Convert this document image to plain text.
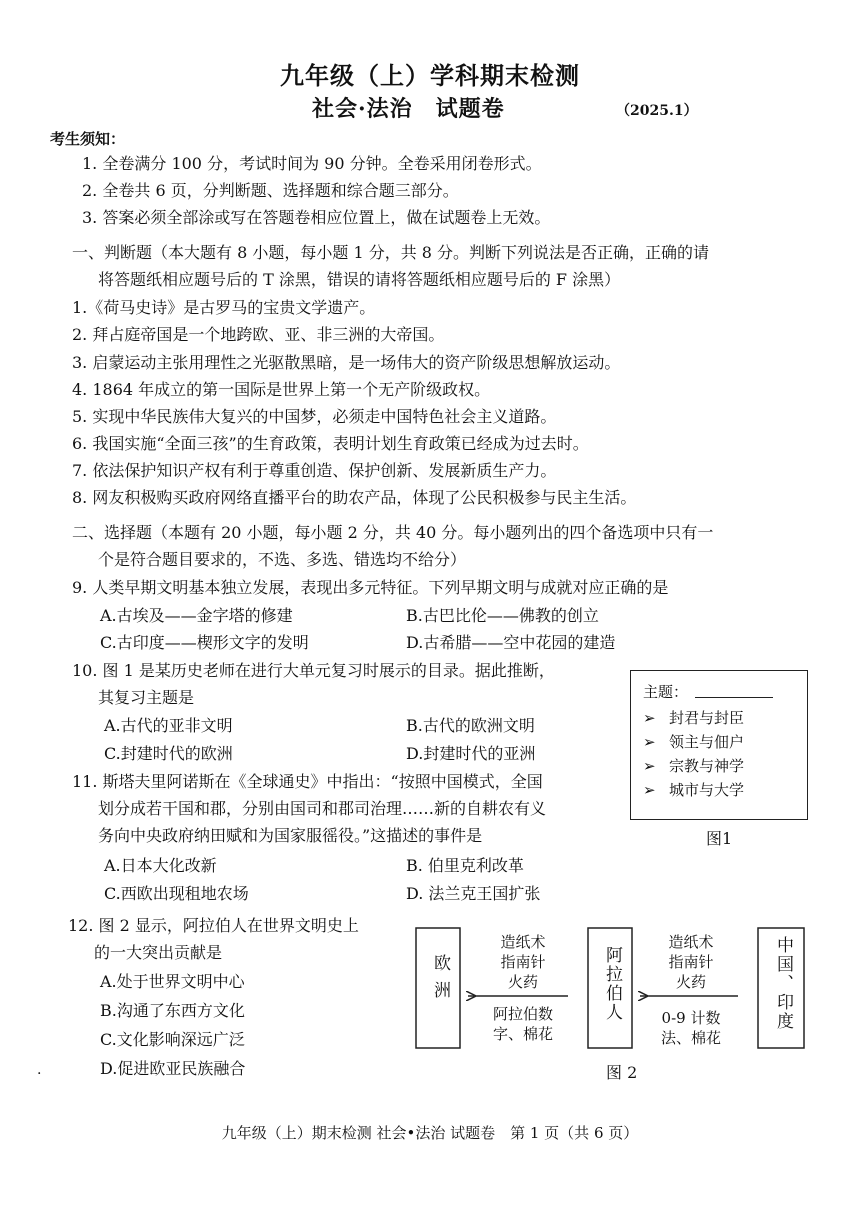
九年级（上）学科期末检测
社会·法治　试题卷	（2025.1）
考生须知：
1. 全卷满分 100 分，考试时间为 90 分钟。全卷采用闭卷形式。
2. 全卷共 6 页，分判断题、选择题和综合题三部分。
3. 答案必须全部涂或写在答题卷相应位置上，做在试题卷上无效。
一、判断题（本大题有 8 小题，每小题 1 分，共 8 分。判断下列说法是否正确，正确的请
将答题纸相应题号后的 T 涂黑，错误的请将答题纸相应题号后的 F 涂黑）
1.《荷马史诗》是古罗马的宝贵文学遗产。
2. 拜占庭帝国是一个地跨欧、亚、非三洲的大帝国。
3. 启蒙运动主张用理性之光驱散黑暗，是一场伟大的资产阶级思想解放运动。
4. 1864 年成立的第一国际是世界上第一个无产阶级政权。
5. 实现中华民族伟大复兴的中国梦，必须走中国特色社会主义道路。
6. 我国实施“全面三孩”的生育政策，表明计划生育政策已经成为过去时。
7. 依法保护知识产权有利于尊重创造、保护创新、发展新质生产力。
8. 网友积极购买政府网络直播平台的助农产品，体现了公民积极参与民主生活。
二、选择题（本题有 20 小题，每小题 2 分，共 40 分。每小题列出的四个备选项中只有一
个是符合题目要求的，不选、多选、错选均不给分）
9. 人类早期文明基本独立发展，表现出多元特征。下列早期文明与成就对应正确的是
A.古埃及——金字塔的修建	B.古巴比伦——佛教的创立
C.古印度——楔形文字的发明	D.古希腊——空中花园的建造
10. 图 1 是某历史老师在进行大单元复习时展示的目录。据此推断，
其复习主题是
A.古代的亚非文明	B.古代的欧洲文明
C.封建时代的欧洲	D.封建时代的亚洲
主题：
➢ 封君与封臣
➢ 领主与佃户
➢ 宗教与神学
➢ 城市与大学
图1
11. 斯塔夫里阿诺斯在《全球通史》中指出：“按照中国模式，全国
划分成若干国和郡，分别由国司和郡司治理……新的自耕农有义
务向中央政府纳田赋和为国家服徭役。”这描述的事件是
A.日本大化改新	B. 伯里克利改革
C.西欧出现租地农场	D. 法兰克王国扩张
12. 图 2 显示，阿拉伯人在世界文明史上
的一大突出贡献是
A.处于世界文明中心
B.沟通了东西方文化
C.文化影响深远广泛
D.促进欧亚民族融合
.
欧洲	阿拉伯人	中国、印度
造纸术
指南针
火药
阿拉伯数
字、棉花
造纸术
指南针
火药
0-9 计数
法、棉花
图 2
九年级（上）期末检测 社会•法治 试题卷　第 1 页（共 6 页）
